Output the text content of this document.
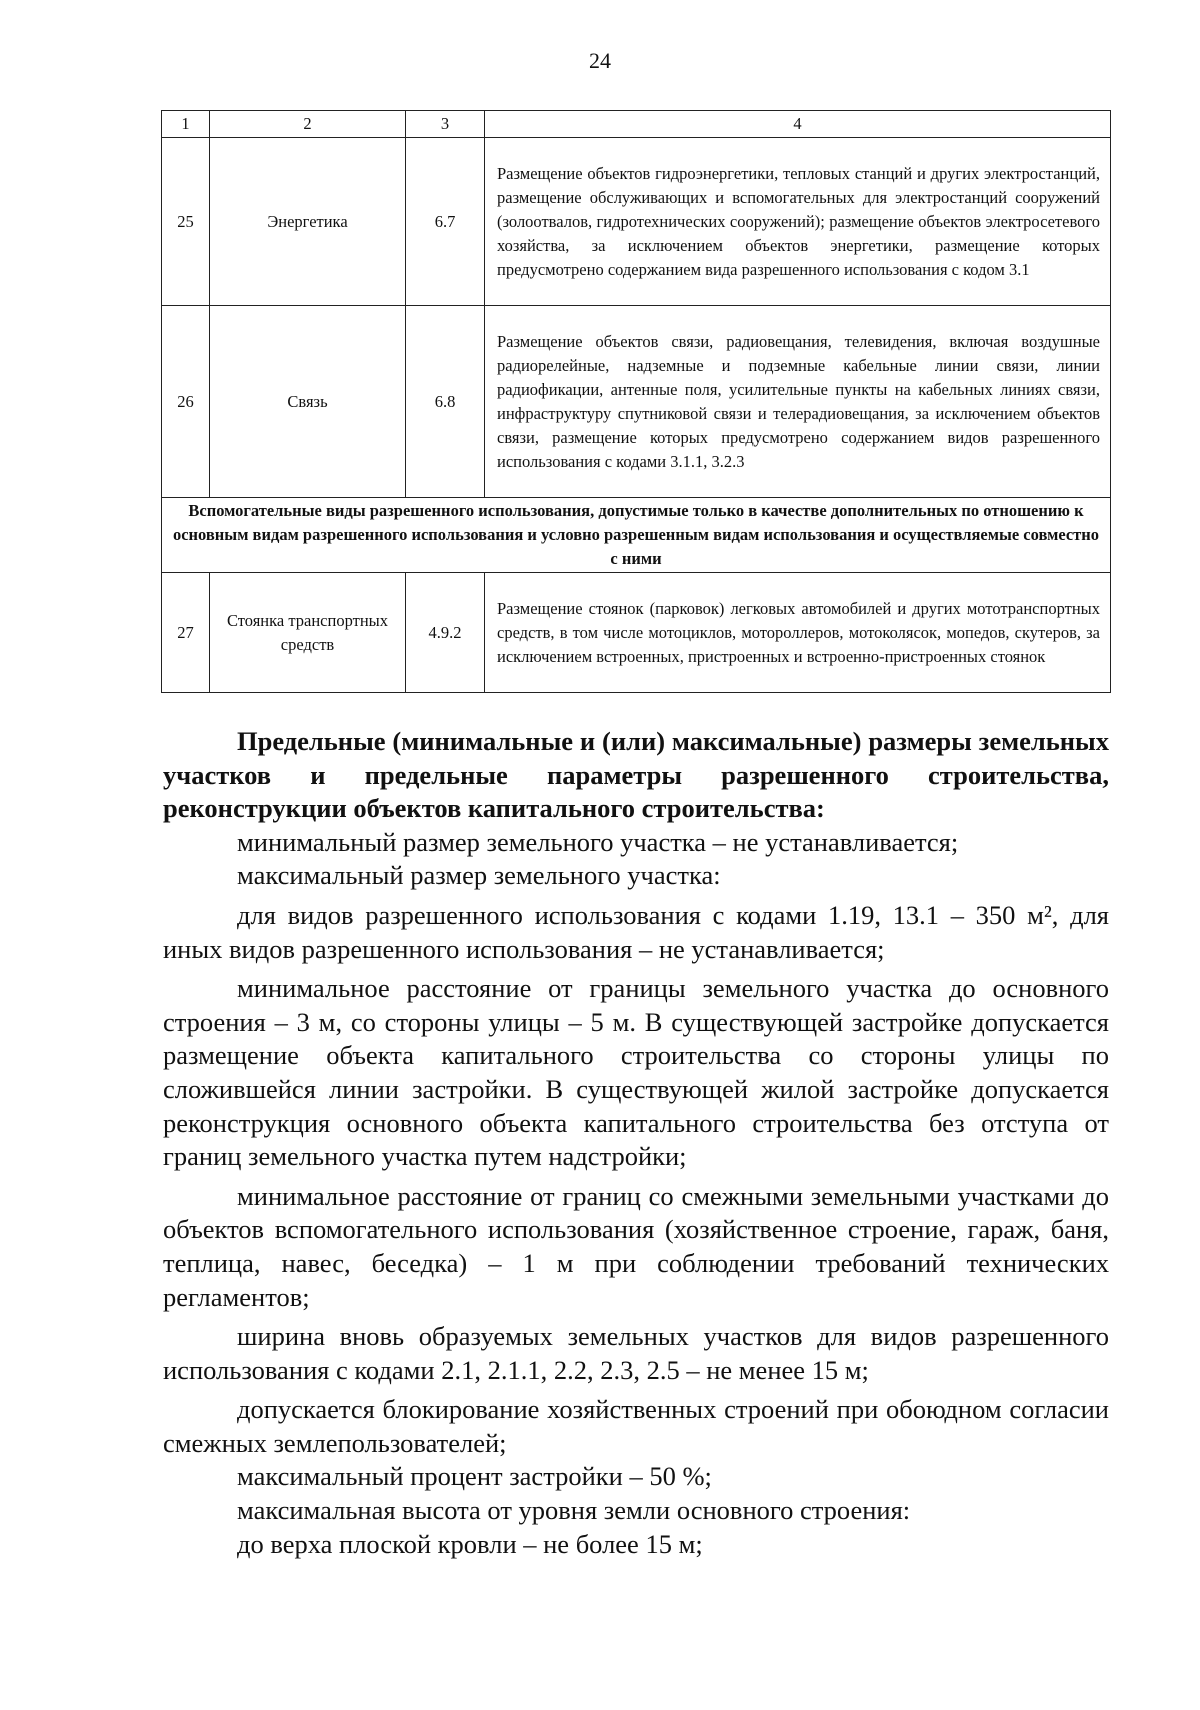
24
1	2	3	4
25	Энергетика	6.7	Размещение объектов гидроэнергетики, тепловых станций и других электростанций, размещение обслуживающих и вспомогательных для электростанций сооружений (золоотвалов, гидротехнических сооружений); размещение объектов электросетевого хозяйства, за исключением объектов энергетики, размещение которых предусмотрено содержанием вида разрешенного использования с кодом 3.1
26	Связь	6.8	Размещение объектов связи, радиовещания, телевидения, включая воздушные радиорелейные, надземные и подземные кабельные линии связи, линии радиофикации, антенные поля, усилительные пункты на кабельных линиях связи, инфраструктуру спутниковой связи и телерадиовещания, за исключением объектов связи, размещение которых предусмотрено содержанием видов разрешенного использования с кодами 3.1.1, 3.2.3
Вспомогательные виды разрешенного использования, допустимые только в качестве дополнительных по отношению к основным видам разрешенного использования и условно разрешенным видам использования и осуществляемые совместно с ними			
27	Стоянка транспортных средств	4.9.2	Размещение стоянок (парковок) легковых автомобилей и других мототранспортных средств, в том числе мотоциклов, мотороллеров, мотоколясок, мопедов, скутеров, за исключением встроенных, пристроенных и встроенно-пристроенных стоянок

Предельные (минимальные и (или) максимальные) размеры земельных участков и предельные параметры разрешенного строительства, реконструкции объектов капитального строительства:

минимальный размер земельного участка – не устанавливается;

максимальный размер земельного участка:

для видов разрешенного использования с кодами 1.19, 13.1 – 350 м², для иных видов разрешенного использования – не устанавливается;

минимальное расстояние от границы земельного участка до основного строения – 3 м, со стороны улицы – 5 м. В существующей застройке допускается размещение объекта капитального строительства со стороны улицы по сложившейся линии застройки. В существующей жилой застройке допускается реконструкция основного объекта капитального строительства без отступа от границ земельного участка путем надстройки;

минимальное расстояние от границ со смежными земельными участками до объектов вспомогательного использования (хозяйственное строение, гараж, баня, теплица, навес, беседка) – 1 м при соблюдении требований технических регламентов;

ширина вновь образуемых земельных участков для видов разрешенного использования с кодами 2.1, 2.1.1, 2.2, 2.3, 2.5 – не менее 15 м;

допускается блокирование хозяйственных строений при обоюдном согласии смежных землепользователей;

максимальный процент застройки – 50 %;

максимальная высота от уровня земли основного строения:

до верха плоской кровли – не более 15 м;
